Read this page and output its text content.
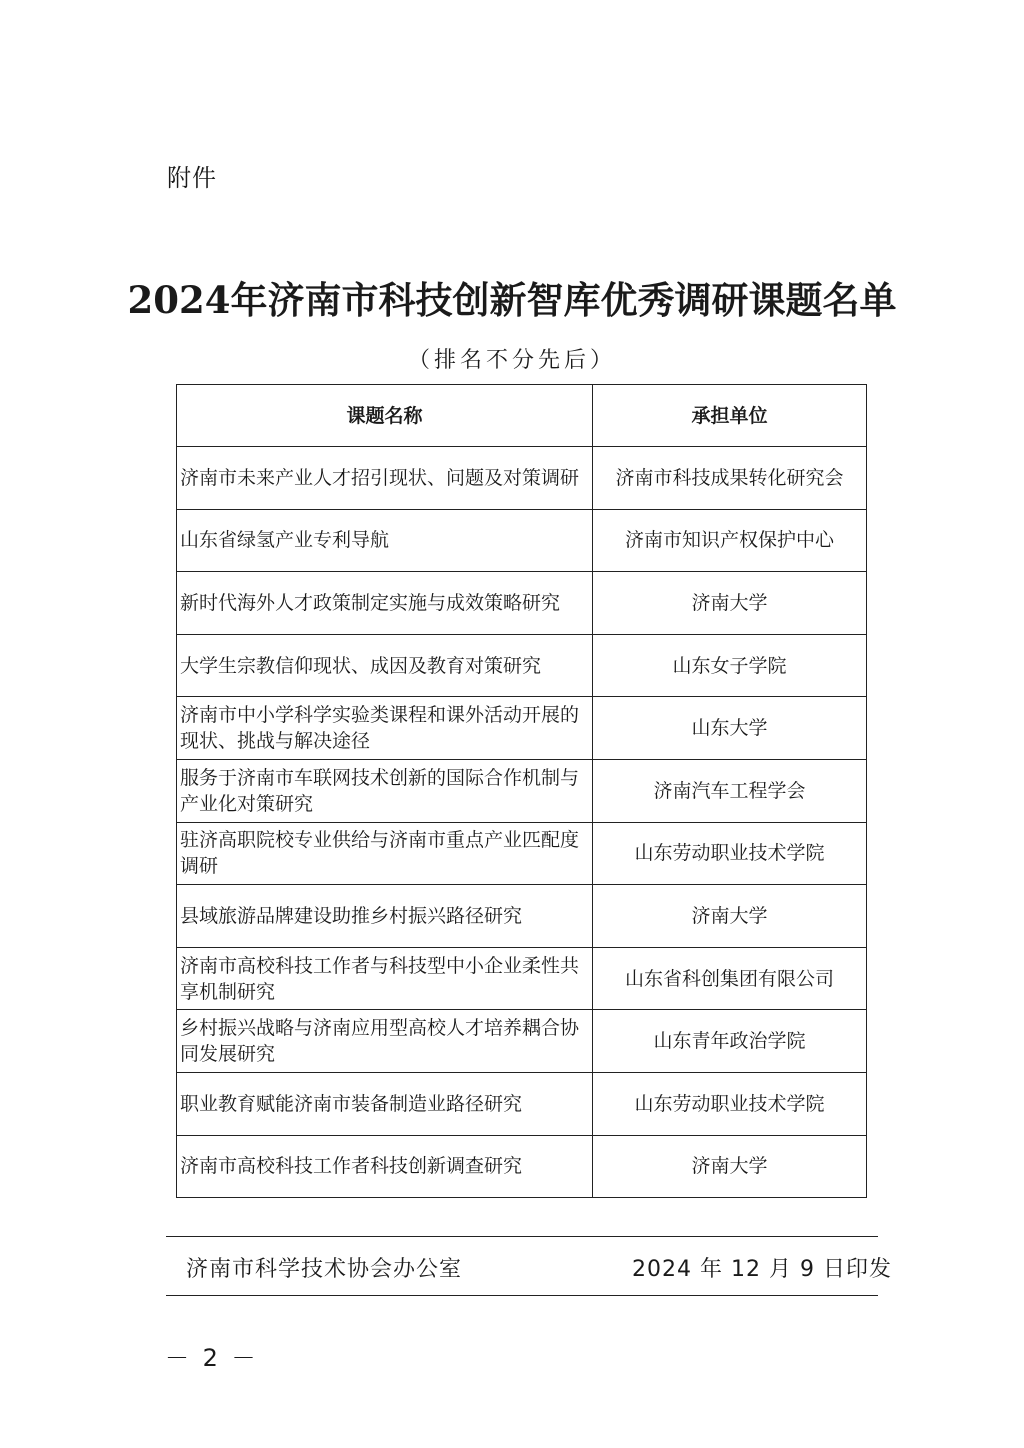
附件
2024年济南市科技创新智库优秀调研课题名单
（排名不分先后）
课题名称	承担单位
济南市未来产业人才招引现状、问题及对策调研	济南市科技成果转化研究会
山东省绿氢产业专利导航	济南市知识产权保护中心
新时代海外人才政策制定实施与成效策略研究	济南大学
大学生宗教信仰现状、成因及教育对策研究	山东女子学院
济南市中小学科学实验类课程和课外活动开展的现状、挑战与解决途径	山东大学
服务于济南市车联网技术创新的国际合作机制与产业化对策研究	济南汽车工程学会
驻济高职院校专业供给与济南市重点产业匹配度调研	山东劳动职业技术学院
县域旅游品牌建设助推乡村振兴路径研究	济南大学
济南市高校科技工作者与科技型中小企业柔性共享机制研究	山东省科创集团有限公司
乡村振兴战略与济南应用型高校人才培养耦合协同发展研究	山东青年政治学院
职业教育赋能济南市装备制造业路径研究	山东劳动职业技术学院
济南市高校科技工作者科技创新调查研究	济南大学
济南市科学技术协会办公室	2024 年 12 月 9 日印发
－ 2 －
